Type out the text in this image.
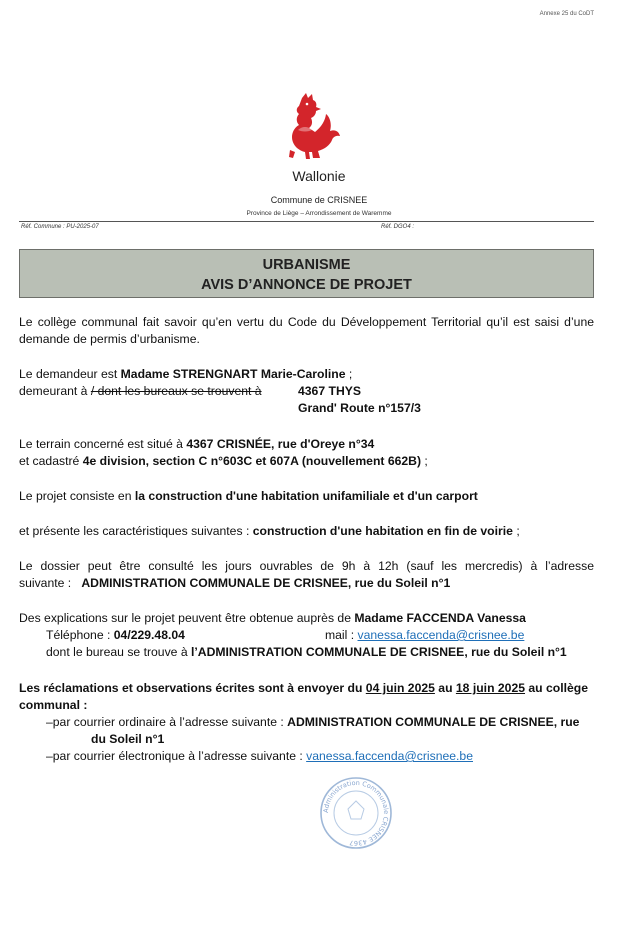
Annexe 25 du CoDT
Wallonie
Commune de CRISNEE
Province de Liège – Arrondissement de Waremme
Réf. Commune : PU-2025-07	Réf. DGO4 :
URBANISME
AVIS D’ANNONCE DE PROJET
Le collège communal fait savoir qu’en vertu du Code du Développement Territorial qu’il est saisi d’une demande de permis d’urbanisme.
Le demandeur est Madame STRENGNART Marie-Caroline ;
demeurant à / dont les bureaux se trouvent à	4367 THYS
Grand' Route n°157/3
Le terrain concerné est situé à 4367 CRISNÉE, rue d'Oreye n°34
et cadastré 4e division, section C n°603C et 607A (nouvellement 662B) ;
Le projet consiste en la construction d'une habitation unifamiliale et d'un carport
et présente les caractéristiques suivantes : construction d'une habitation en fin de voirie ;
Le dossier peut être consulté les jours ouvrables de 9h à 12h (sauf les mercredis) à l’adresse
suivante : ADMINISTRATION COMMUNALE DE CRISNEE, rue du Soleil n°1
Des explications sur le projet peuvent être obtenue auprès de Madame FACCENDA Vanessa
Téléphone : 04/229.48.04	mail : vanessa.faccenda@crisnee.be
dont le bureau se trouve à l’ADMINISTRATION COMMUNALE DE CRISNEE, rue du Soleil n°1
Les réclamations et observations écrites sont à envoyer du 04 juin 2025 au 18 juin 2025 au collège
communal :
–par courrier ordinaire à l’adresse suivante : ADMINISTRATION COMMUNALE DE CRISNEE, rue
du Soleil n°1
–par courrier électronique à l’adresse suivante : vanessa.faccenda@crisnee.be
Administration Communale CRISNEE 4367
